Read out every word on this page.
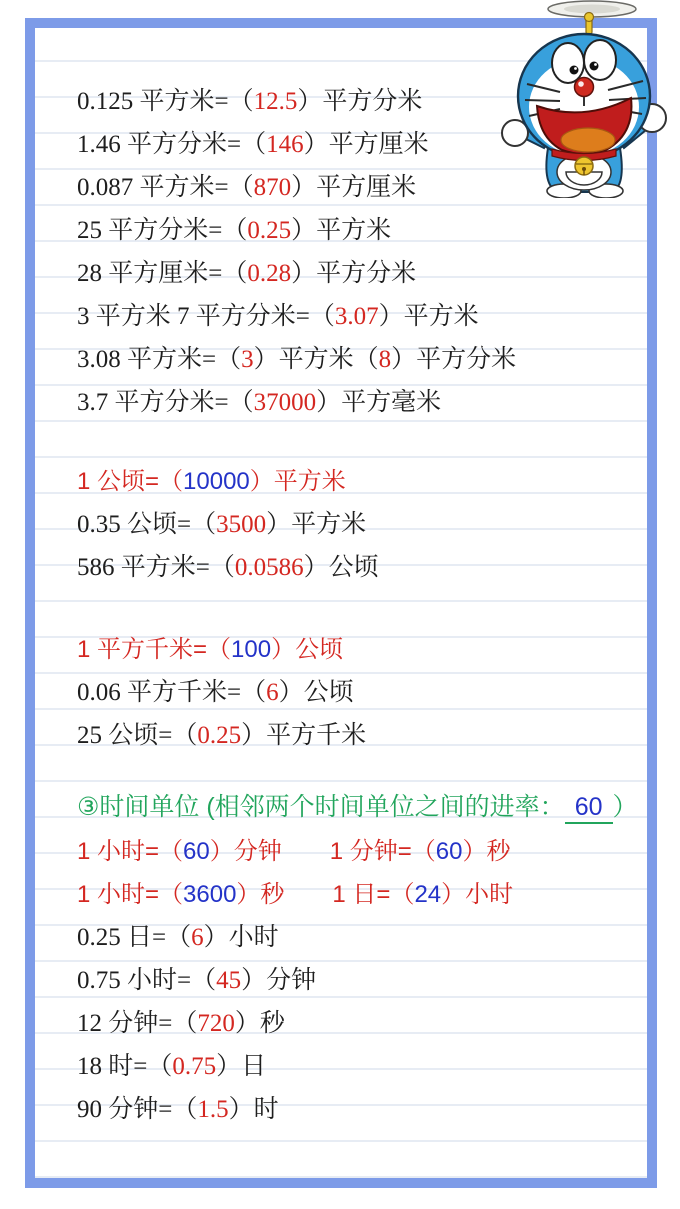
0.125 平方米=（12.5）平方分米
1.46 平方分米=（146）平方厘米
0.087 平方米=（870）平方厘米
25 平方分米=（0.25）平方米
28 平方厘米=（0.28）平方分米
3 平方米 7 平方分米=（3.07）平方米
3.08 平方米=（3）平方米（8）平方分米
3.7 平方分米=（37000）平方毫米
1 公顷=（10000）平方米
0.35 公顷=（3500）平方米
586 平方米=（0.0586）公顷
1 平方千米=（100）公顷
0.06 平方千米=（6）公顷
25 公顷=（0.25）平方千米
③时间单位 (相邻两个时间单位之间的进率： 60 ）
1 小时=（60）分钟　　1 分钟=（60）秒
1 小时=（3600）秒　　1 日=（24）小时
0.25 日=（6）小时
0.75 小时=（45）分钟
12 分钟=（720）秒
18 时=（0.75）日
90 分钟=（1.5）时
